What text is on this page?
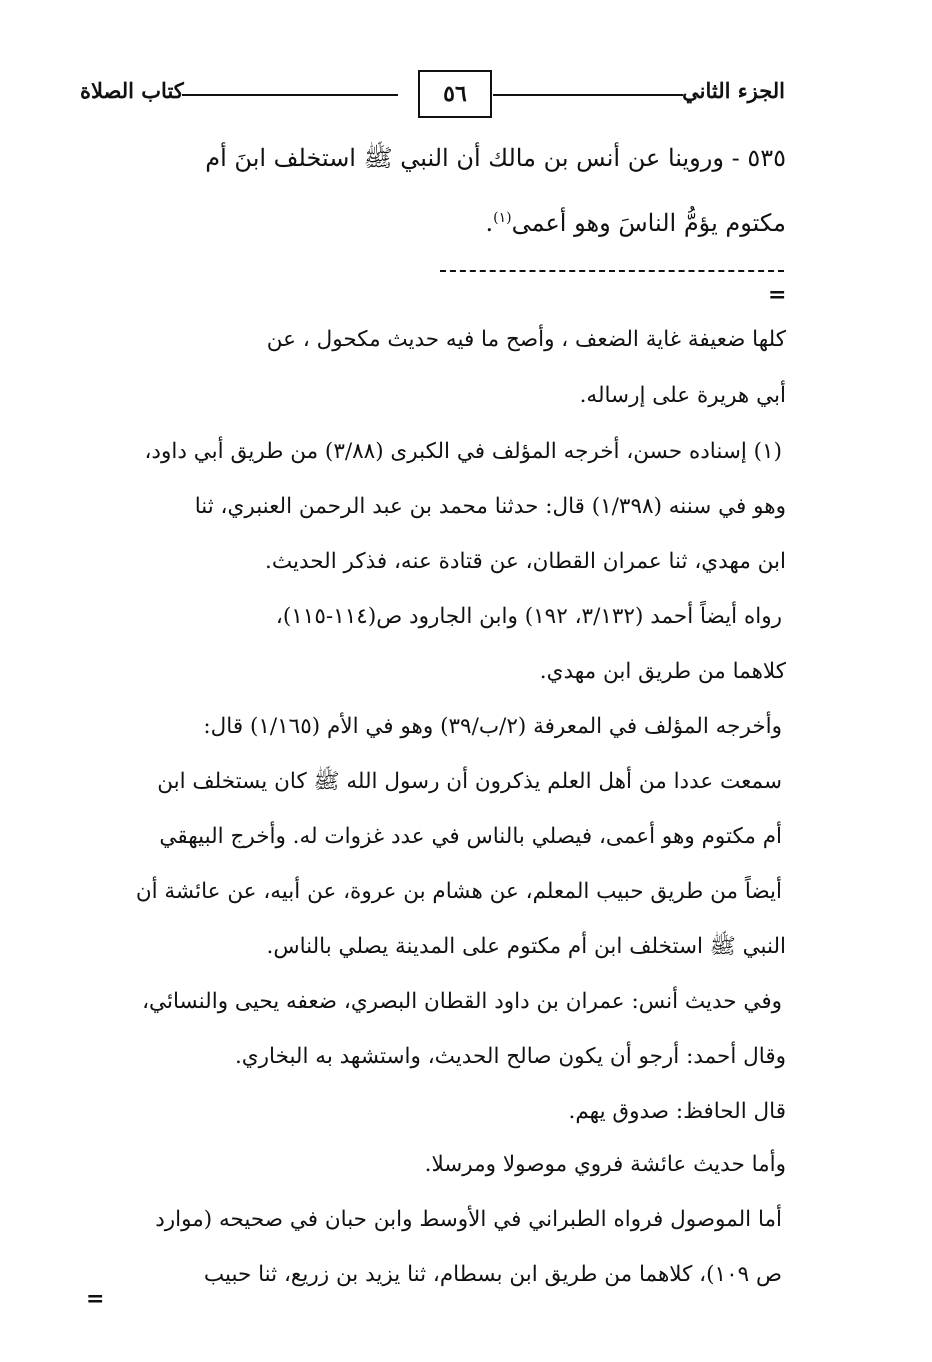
الجزء الثاني
٥٦
كتاب الصلاة
٥٣٥ - وروينا عن أنس بن مالك أن النبي ﷺ استخلف ابنَ أم
مكتوم يؤمُّ الناسَ وهو أعمى$^{(١)}$.
=
كلها ضعيفة غاية الضعف ، وأصح ما فيه حديث مكحول ، عن
أبي هريرة على إرساله.
(١) إسناده حسن، أخرجه المؤلف في الكبرى (٣/٨٨) من طريق أبي داود،
وهو في سننه (١/٣٩٨) قال: حدثنا محمد بن عبد الرحمن العنبري، ثنا
ابن مهدي، ثنا عمران القطان، عن قتادة عنه، فذكر الحديث.
رواه أيضاً أحمد (٣/١٣٢، ١٩٢) وابن الجارود ص(١١٤-١١٥)،
كلاهما من طريق ابن مهدي.
وأخرجه المؤلف في المعرفة (٢/ب/٣٩) وهو في الأم (١/١٦٥) قال:
سمعت عددا من أهل العلم يذكرون أن رسول الله ﷺ كان يستخلف ابن
أم مكتوم وهو أعمى، فيصلي بالناس في عدد غزوات له. وأخرج البيهقي
أيضاً من طريق حبيب المعلم، عن هشام بن عروة، عن أبيه، عن عائشة أن
النبي ﷺ استخلف ابن أم مكتوم على المدينة يصلي بالناس.
وفي حديث أنس: عمران بن داود القطان البصري، ضعفه يحيى والنسائي،
وقال أحمد: أرجو أن يكون صالح الحديث، واستشهد به البخاري.
قال الحافظ: صدوق يهم.
وأما حديث عائشة فروي موصولا ومرسلا.
أما الموصول فرواه الطبراني في الأوسط وابن حبان في صحيحه (موارد
ص ١٠٩)، كلاهما من طريق ابن بسطام، ثنا يزيد بن زريع، ثنا حبيب
=
